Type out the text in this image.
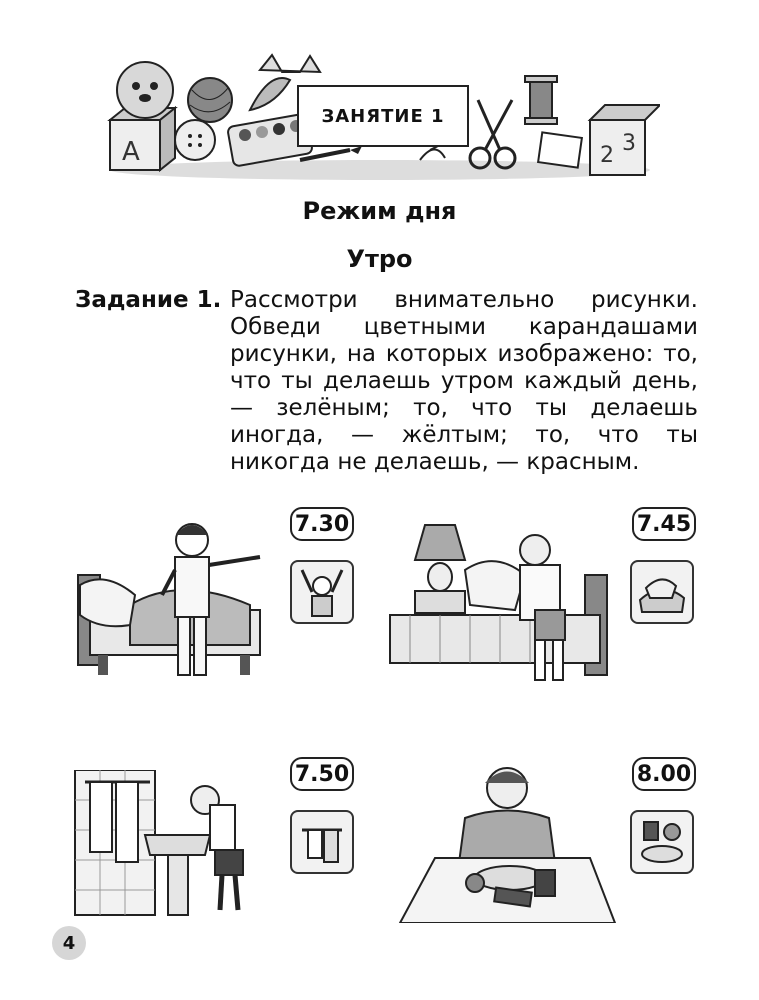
A	2 3
ЗАНЯТИЕ 1
Режим дня
Утро
Задание 1. Рассмотри внимательно рисунки. Обведи цветными карандашами рисунки, на которых изображено: то, что ты делаешь утром каждый день, — зелёным; то, что ты делаешь иногда, — жёлтым; то, что ты никогда не делаешь, — красным.
7.30	7.45
7.50	8.00
4
